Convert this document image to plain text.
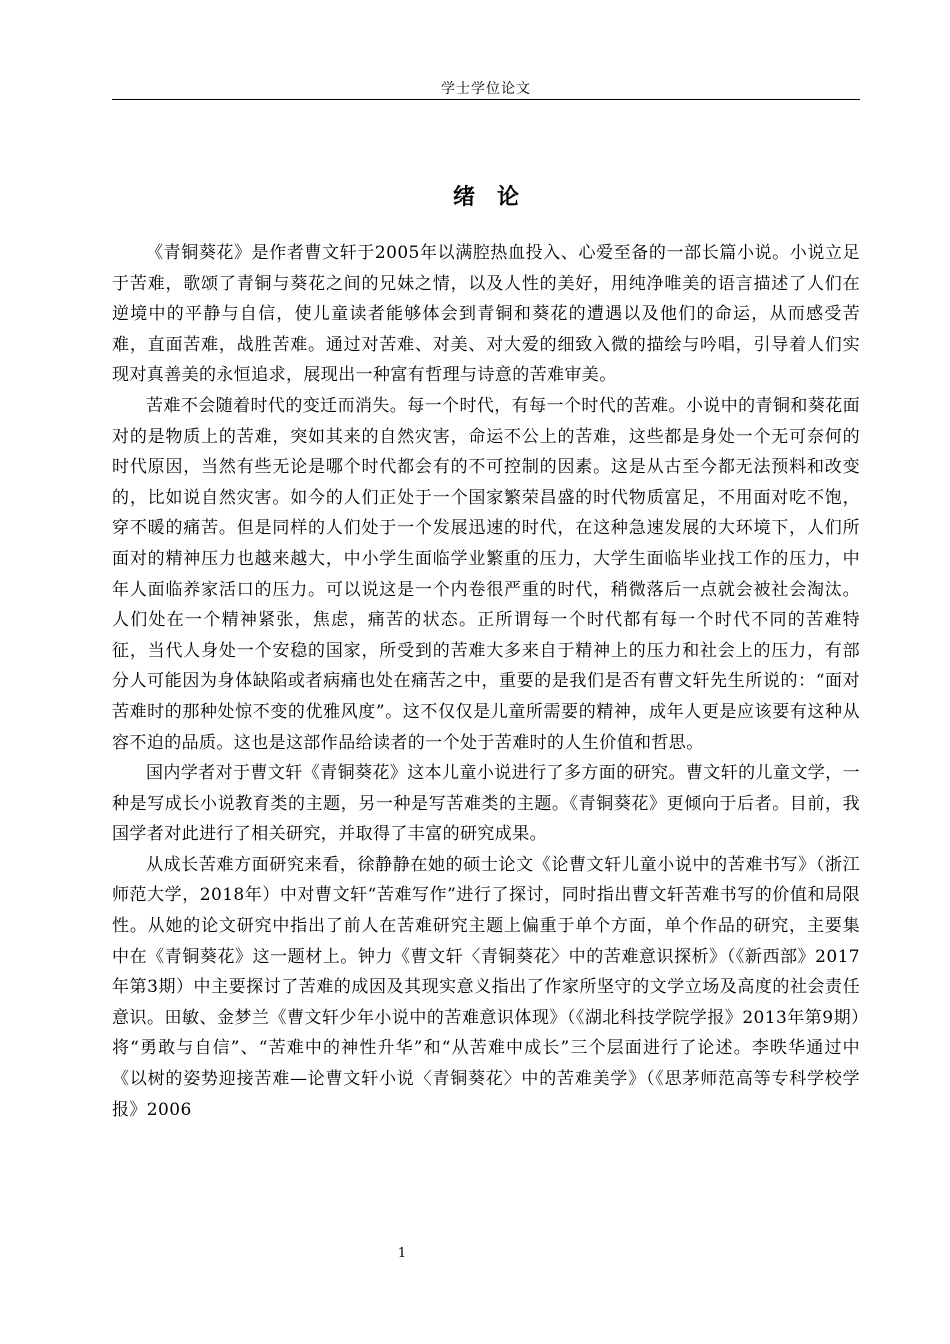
学士学位论文
绪论

《青铜葵花》是作者曹文轩于2005年以满腔热血投入、心爱至备的一部长篇小说。小说立足于苦难，歌颂了青铜与葵花之间的兄妹之情，以及人性的美好，用纯净唯美的语言描述了人们在逆境中的平静与自信，使儿童读者能够体会到青铜和葵花的遭遇以及他们的命运，从而感受苦难，直面苦难，战胜苦难。通过对苦难、对美、对大爱的细致入微的描绘与吟唱，引导着人们实现对真善美的永恒追求，展现出一种富有哲理与诗意的苦难审美。

苦难不会随着时代的变迁而消失。每一个时代，有每一个时代的苦难。小说中的青铜和葵花面对的是物质上的苦难，突如其来的自然灾害，命运不公上的苦难，这些都是身处一个无可奈何的时代原因，当然有些无论是哪个时代都会有的不可控制的因素。这是从古至今都无法预料和改变的，比如说自然灾害。如今的人们正处于一个国家繁荣昌盛的时代物质富足，不用面对吃不饱，穿不暖的痛苦。但是同样的人们处于一个发展迅速的时代，在这种急速发展的大环境下，人们所面对的精神压力也越来越大，中小学生面临学业繁重的压力，大学生面临毕业找工作的压力，中年人面临养家活口的压力。可以说这是一个内卷很严重的时代，稍微落后一点就会被社会淘汰。人们处在一个精神紧张，焦虑，痛苦的状态。正所谓每一个时代都有每一个时代不同的苦难特征，当代人身处一个安稳的国家，所受到的苦难大多来自于精神上的压力和社会上的压力，有部分人可能因为身体缺陷或者病痛也处在痛苦之中，重要的是我们是否有曹文轩先生所说的：“面对苦难时的那种处惊不变的优雅风度”。这不仅仅是儿童所需要的精神，成年人更是应该要有这种从容不迫的品质。这也是这部作品给读者的一个处于苦难时的人生价值和哲思。

国内学者对于曹文轩《青铜葵花》这本儿童小说进行了多方面的研究。曹文轩的儿童文学，一种是写成长小说教育类的主题，另一种是写苦难类的主题。《青铜葵花》更倾向于后者。目前，我国学者对此进行了相关研究，并取得了丰富的研究成果。

从成长苦难方面研究来看，徐静静在她的硕士论文《论曹文轩儿童小说中的苦难书写》（浙江师范大学，2018年）中对曹文轩“苦难写作”进行了探讨，同时指出曹文轩苦难书写的价值和局限性。从她的论文研究中指出了前人在苦难研究主题上偏重于单个方面，单个作品的研究，主要集中在《青铜葵花》这一题材上。钟力《曹文轩〈青铜葵花〉中的苦难意识探析》（《新西部》2017年第3期）中主要探讨了苦难的成因及其现实意义指出了作家所坚守的文学立场及高度的社会责任意识。田敏、金梦兰《曹文轩少年小说中的苦难意识体现》（《湖北科技学院学报》2013年第9期）将“勇敢与自信”、“苦难中的神性升华”和“从苦难中成长”三个层面进行了论述。李昳华通过中《以树的姿势迎接苦难—论曹文轩小说〈青铜葵花〉中的苦难美学》（《思茅师范高等专科学校学报》2006

1
